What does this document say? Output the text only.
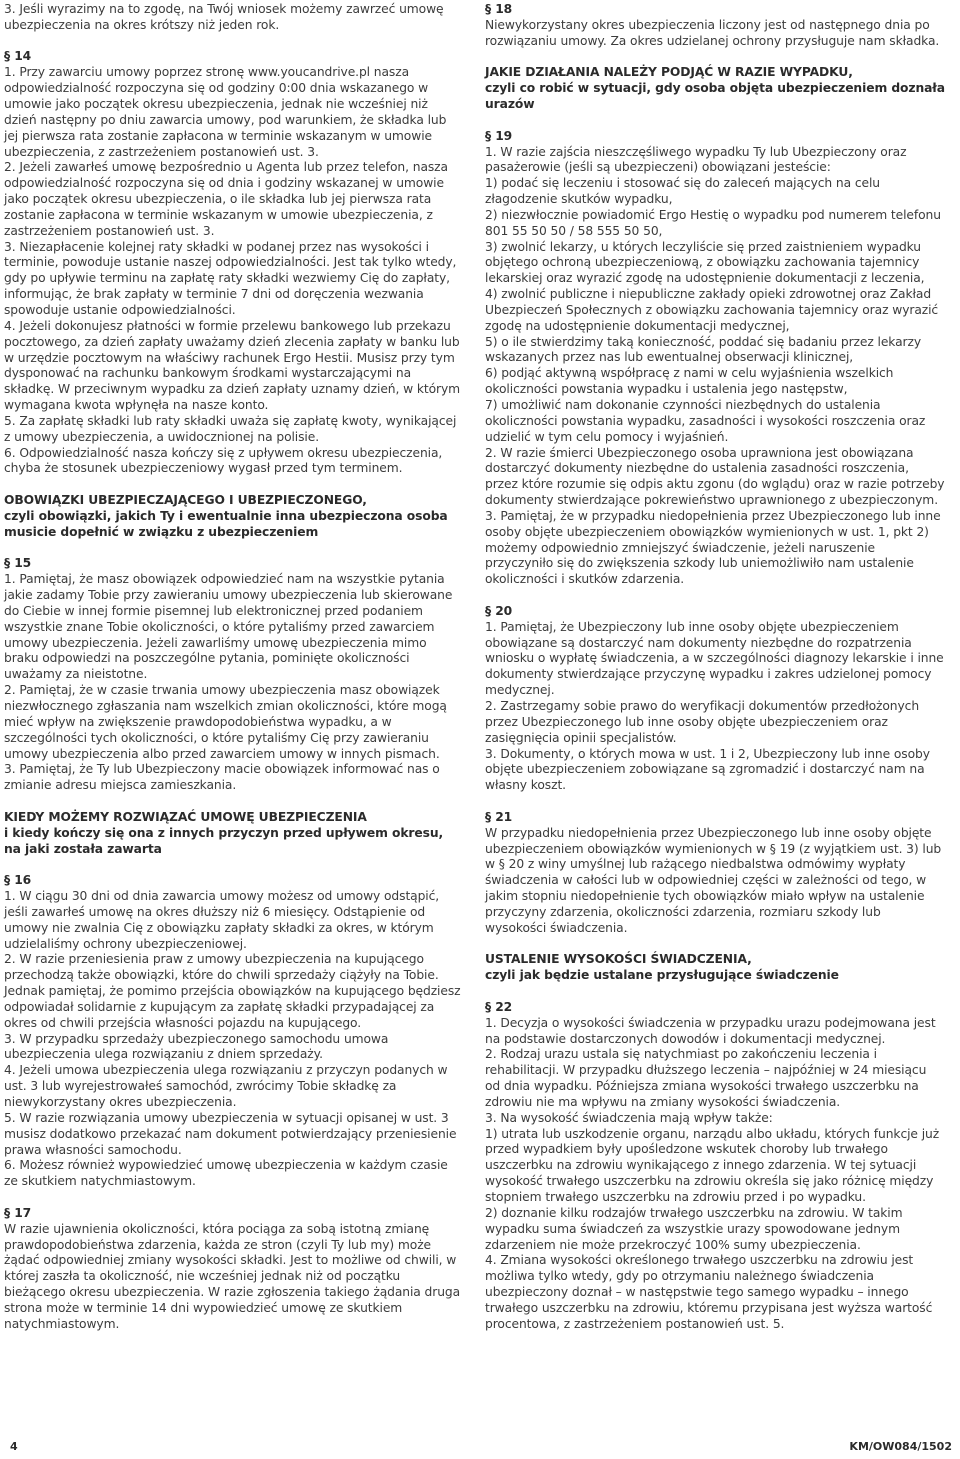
3. Jeśli wyrazimy na to zgodę, na Twój wniosek możemy zawrzeć umowę ubezpieczenia na okres krótszy niż jeden rok.

§ 14

1. Przy zawarciu umowy poprzez stronę www.youcandrive.pl nasza odpowiedzialność rozpoczyna się od godziny 0:00 dnia wskazanego w umowie jako początek okresu ubezpieczenia, jednak nie wcześniej niż dzień następny po dniu zawarcia umowy, pod warunkiem, że składka lub jej pierwsza rata zostanie zapłacona w terminie wskazanym w umowie ubezpieczenia, z zastrzeżeniem postanowień ust. 3.

2. Jeżeli zawarłeś umowę bezpośrednio u Agenta lub przez telefon, nasza odpowiedzialność rozpoczyna się od dnia i godziny wskazanej w umowie jako początek okresu ubezpieczenia, o ile składka lub jej pierwsza rata zostanie zapłacona w terminie wskazanym w umowie ubezpieczenia, z zastrzeżeniem postanowień ust. 3.

3. Niezapłacenie kolejnej raty składki w podanej przez nas wysokości i terminie, powoduje ustanie naszej odpowiedzialności. Jest tak tylko wtedy, gdy po upływie terminu na zapłatę raty składki wezwiemy Cię do zapłaty, informując, że brak zapłaty w terminie 7 dni od doręczenia wezwania spowoduje ustanie odpowiedzialności.

4. Jeżeli dokonujesz płatności w formie przelewu bankowego lub przekazu pocztowego, za dzień zapłaty uważamy dzień zlecenia zapłaty w banku lub w urzędzie pocztowym na właściwy rachunek Ergo Hestii. Musisz przy tym dysponować na rachunku bankowym środkami wystarczającymi na składkę. W przeciwnym wypadku za dzień zapłaty uznamy dzień, w którym wymagana kwota wpłynęła na nasze konto.

5. Za zapłatę składki lub raty składki uważa się zapłatę kwoty, wynikającej z umowy ubezpieczenia, a uwidocznionej na polisie.

6. Odpowiedzialność nasza kończy się z upływem okresu ubezpieczenia, chyba że stosunek ubezpieczeniowy wygasł przed tym terminem.

OBOWIĄZKI UBEZPIECZAJĄCEGO I UBEZPIECZONEGO,

czyli obowiązki, jakich Ty i ewentualnie inna ubezpieczona osoba musicie dopełnić w związku z ubezpieczeniem

§ 15

1. Pamiętaj, że masz obowiązek odpowiedzieć nam na wszystkie pytania jakie zadamy Tobie przy zawieraniu umowy ubezpieczenia lub skierowane do Ciebie w innej formie pisemnej lub elektronicznej przed podaniem wszystkie znane Tobie okoliczności, o które pytaliśmy przed zawarciem umowy ubezpieczenia. Jeżeli zawarliśmy umowę ubezpieczenia mimo braku odpowiedzi na poszczególne pytania, pominięte okoliczności uważamy za nieistotne.

2. Pamiętaj, że w czasie trwania umowy ubezpieczenia masz obowiązek niezwłocznego zgłaszania nam wszelkich zmian okoliczności, które mogą mieć wpływ na zwiększenie prawdopodobieństwa wypadku, a w szczególności tych okoliczności, o które pytaliśmy Cię przy zawieraniu umowy ubezpieczenia albo przed zawarciem umowy w innych pismach.

3. Pamiętaj, że Ty lub Ubezpieczony macie obowiązek informować nas o zmianie adresu miejsca zamieszkania.

KIEDY MOŻEMY ROZWIĄZAĆ UMOWĘ UBEZPIECZENIA

i kiedy kończy się ona z innych przyczyn przed upływem okresu, na jaki została zawarta

§ 16

1. W ciągu 30 dni od dnia zawarcia umowy możesz od umowy odstąpić, jeśli zawarłeś umowę na okres dłuższy niż 6 miesięcy. Odstąpienie od umowy nie zwalnia Cię z obowiązku zapłaty składki za okres, w którym udzielaliśmy ochrony ubezpieczeniowej.

2. W razie przeniesienia praw z umowy ubezpieczenia na kupującego przechodzą także obowiązki, które do chwili sprzedaży ciążyły na Tobie. Jednak pamiętaj, że pomimo przejścia obowiązków na kupującego będziesz odpowiadał solidarnie z kupującym za zapłatę składki przypadającej za okres od chwili przejścia własności pojazdu na kupującego.

3. W przypadku sprzedaży ubezpieczonego samochodu umowa ubezpieczenia ulega rozwiązaniu z dniem sprzedaży.

4. Jeżeli umowa ubezpieczenia ulega rozwiązaniu z przyczyn podanych w ust. 3 lub wyrejestrowałeś samochód, zwrócimy Tobie składkę za niewykorzystany okres ubezpieczenia.

5. W razie rozwiązania umowy ubezpieczenia w sytuacji opisanej w ust. 3 musisz dodatkowo przekazać nam dokument potwierdzający przeniesienie prawa własności samochodu.

6. Możesz również wypowiedzieć umowę ubezpieczenia w każdym czasie ze skutkiem natychmiastowym.

§ 17

W razie ujawnienia okoliczności, która pociąga za sobą istotną zmianę prawdopodobieństwa zdarzenia, każda ze stron (czyli Ty lub my) może żądać odpowiedniej zmiany wysokości składki. Jest to możliwe od chwili, w której zaszła ta okoliczność, nie wcześniej jednak niż od początku bieżącego okresu ubezpieczenia. W razie zgłoszenia takiego żądania druga strona może w terminie 14 dni wypowiedzieć umowę ze skutkiem natychmiastowym.

§ 18

Niewykorzystany okres ubezpieczenia liczony jest od następnego dnia po rozwiązaniu umowy. Za okres udzielanej ochrony przysługuje nam składka.

JAKIE DZIAŁANIA NALEŻY PODJĄĆ W RAZIE WYPADKU,

czyli co robić w sytuacji, gdy osoba objęta ubezpieczeniem doznała urazów

§ 19

1. W razie zajścia nieszczęśliwego wypadku Ty lub Ubezpieczony oraz pasażerowie (jeśli są ubezpieczeni) obowiązani jesteście:

1) podać się leczeniu i stosować się do zaleceń mających na celu złagodzenie skutków wypadku,

2) niezwłocznie powiadomić Ergo Hestię o wypadku pod numerem telefonu 801 55 50 50 / 58 555 50 50,

3) zwolnić lekarzy, u których leczyliście się przed zaistnieniem wypadku objętego ochroną ubezpieczeniową, z obowiązku zachowania tajemnicy lekarskiej oraz wyrazić zgodę na udostępnienie dokumentacji z leczenia,

4) zwolnić publiczne i niepubliczne zakłady opieki zdrowotnej oraz Zakład Ubezpieczeń Społecznych z obowiązku zachowania tajemnicy oraz wyrazić zgodę na udostępnienie dokumentacji medycznej,

5) o ile stwierdzimy taką konieczność, poddać się badaniu przez lekarzy wskazanych przez nas lub ewentualnej obserwacji klinicznej,

6) podjąć aktywną współpracę z nami w celu wyjaśnienia wszelkich okoliczności powstania wypadku i ustalenia jego następstw,

7) umożliwić nam dokonanie czynności niezbędnych do ustalenia okoliczności powstania wypadku, zasadności i wysokości roszczenia oraz udzielić w tym celu pomocy i wyjaśnień.

2. W razie śmierci Ubezpieczonego osoba uprawniona jest obowiązana dostarczyć dokumenty niezbędne do ustalenia zasadności roszczenia, przez które rozumie się odpis aktu zgonu (do wglądu) oraz w razie potrzeby dokumenty stwierdzające pokrewieństwo uprawnionego z ubezpieczonym.

3. Pamiętaj, że w przypadku niedopełnienia przez Ubezpieczonego lub inne osoby objęte ubezpieczeniem obowiązków wymienionych w ust. 1, pkt 2) możemy odpowiednio zmniejszyć świadczenie, jeżeli naruszenie przyczyniło się do zwiększenia szkody lub uniemożliwiło nam ustalenie okoliczności i skutków zdarzenia.

§ 20

1. Pamiętaj, że Ubezpieczony lub inne osoby objęte ubezpieczeniem obowiązane są dostarczyć nam dokumenty niezbędne do rozpatrzenia wniosku o wypłatę świadczenia, a w szczególności diagnozy lekarskie i inne dokumenty stwierdzające przyczynę wypadku i zakres udzielonej pomocy medycznej.

2. Zastrzegamy sobie prawo do weryfikacji dokumentów przedłożonych przez Ubezpieczonego lub inne osoby objęte ubezpieczeniem oraz zasięgnięcia opinii specjalistów.

3. Dokumenty, o których mowa w ust. 1 i 2, Ubezpieczony lub inne osoby objęte ubezpieczeniem zobowiązane są zgromadzić i dostarczyć nam na własny koszt.

§ 21

W przypadku niedopełnienia przez Ubezpieczonego lub inne osoby objęte ubezpieczeniem obowiązków wymienionych w § 19 (z wyjątkiem ust. 3) lub w § 20 z winy umyślnej lub rażącego niedbalstwa odmówimy wypłaty świadczenia w całości lub w odpowiedniej części w zależności od tego, w jakim stopniu niedopełnienie tych obowiązków miało wpływ na ustalenie przyczyny zdarzenia, okoliczności zdarzenia, rozmiaru szkody lub wysokości świadczenia.

USTALENIE WYSOKOŚCI ŚWIADCZENIA,

czyli jak będzie ustalane przysługujące świadczenie

§ 22

1. Decyzja o wysokości świadczenia w przypadku urazu podejmowana jest na podstawie dostarczonych dowodów i dokumentacji medycznej.

2. Rodzaj urazu ustala się natychmiast po zakończeniu leczenia i rehabilitacji. W przypadku dłuższego leczenia – najpóźniej w 24 miesiącu od dnia wypadku. Późniejsza zmiana wysokości trwałego uszczerbku na zdrowiu nie ma wpływu na zmiany wysokości świadczenia.

3. Na wysokość świadczenia mają wpływ także:

1) utrata lub uszkodzenie organu, narządu albo układu, których funkcje już przed wypadkiem były upośledzone wskutek choroby lub trwałego uszczerbku na zdrowiu wynikającego z innego zdarzenia. W tej sytuacji wysokość trwałego uszczerbku na zdrowiu określa się jako różnicę między stopniem trwałego uszczerbku na zdrowiu przed i po wypadku.

2) doznanie kilku rodzajów trwałego uszczerbku na zdrowiu. W takim wypadku suma świadczeń za wszystkie urazy spowodowane jednym zdarzeniem nie może przekroczyć 100% sumy ubezpieczenia.

4. Zmiana wysokości określonego trwałego uszczerbku na zdrowiu jest możliwa tylko wtedy, gdy po otrzymaniu należnego świadczenia ubezpieczony doznał – w następstwie tego samego wypadku – innego trwałego uszczerbku na zdrowiu, któremu przypisana jest wyższa wartość procentowa, z zastrzeżeniem postanowień ust. 5.

4	KM/OW084/1502
